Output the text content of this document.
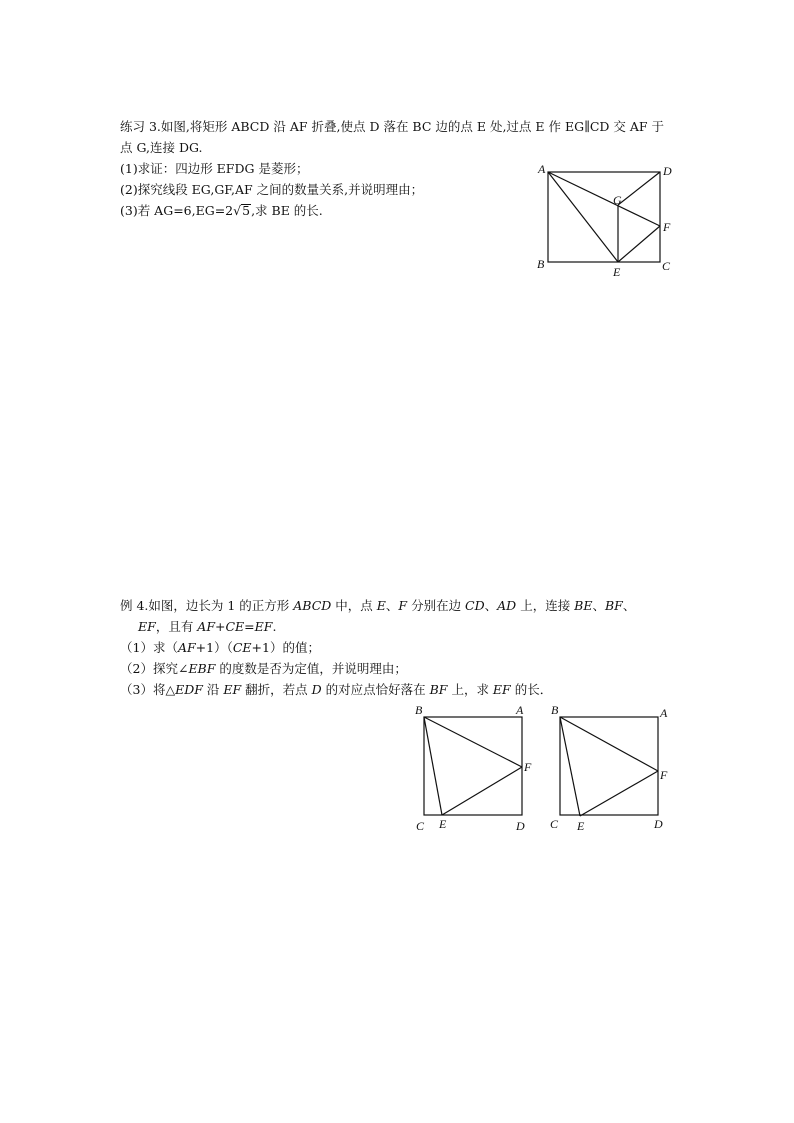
练习 3.如图,将矩形 ABCD 沿 AF 折叠,使点 D 落在 BC 边的点 E 处,过点 E 作 EG∥CD 交 AF 于
点 G,连接 DG.
(1)求证：四边形 EFDG 是菱形；
(2)探究线段 EG,GF,AF 之间的数量关系,并说明理由；
(3)若 AG=6,EG=2√5,求 BE 的长.
A	D
G
F
B
E	C
例 4.如图，边长为 1 的正方形 ABCD 中，点 E、F 分别在边 CD、AD 上，连接 BE、BF、
EF，且有 AF+CE=EF.
（1）求（AF+1）（CE+1）的值；
（2）探究∠EBF 的度数是否为定值，并说明理由；
（3）将△EDF 沿 EF 翻折，若点 D 的对应点恰好落在 BF 上，求 EF 的长．
B	A
F
C E	D
B	A
F
C E	D
